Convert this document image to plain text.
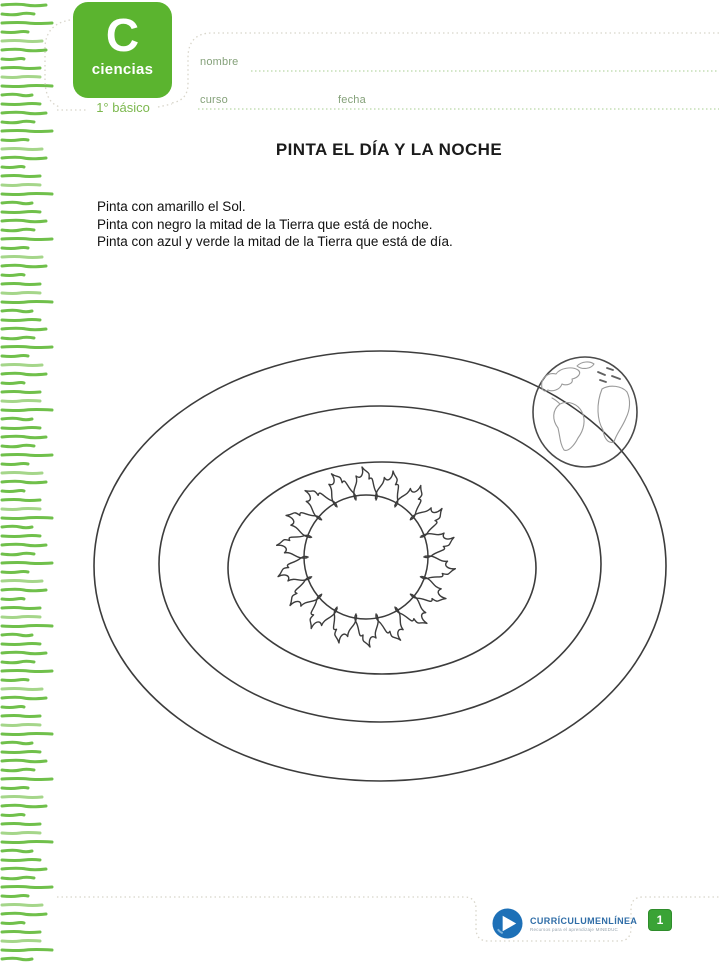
C
ciencias
1° básico
nombre
curso	fecha
PINTA EL DÍA Y LA NOCHE
Pinta con amarillo el Sol.
Pinta con negro la mitad de la Tierra que está de noche.
Pinta con azul y verde la mitad de la Tierra que está de día.
CURRÍCULUMENLÍNEA
Recursos para el aprendizaje MINEDUC
1
